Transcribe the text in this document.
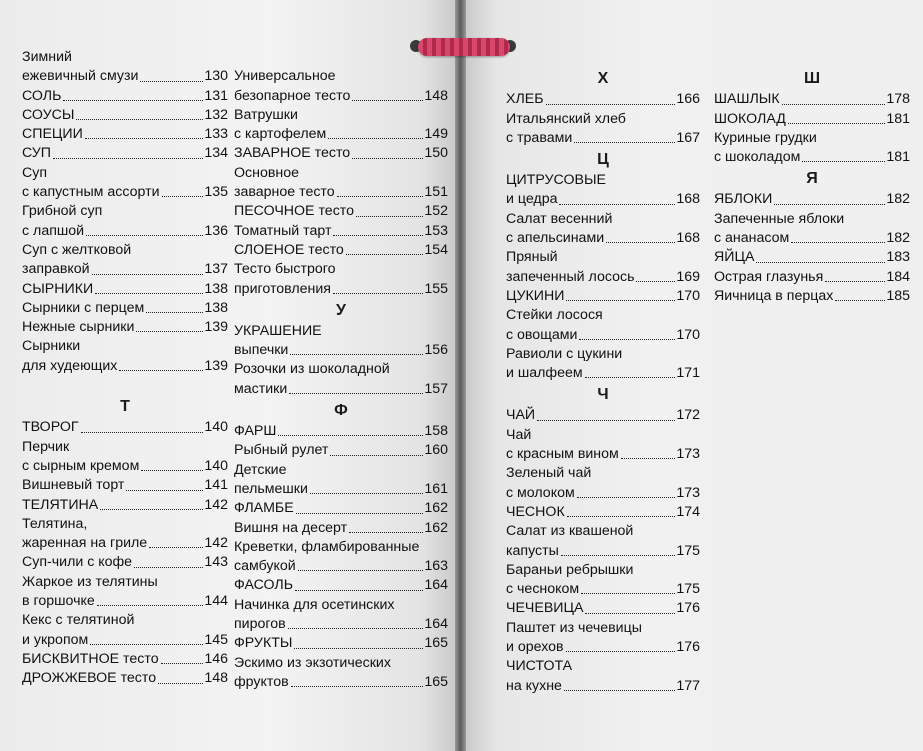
Зимний
ежевичный смузи	130
СОЛЬ	131
СОУСЫ	132
СПЕЦИИ	133
СУП	134
Суп
с капустным ассорти	135
Грибной суп
с лапшой	136
Суп с желтковой
заправкой	137
СЫРНИКИ	138
Сырники с перцем	138
Нежные сырники	139
Сырники
для худеющих	139
Т
ТВОРОГ	140
Перчик
с сырным кремом	140
Вишневый торт	141
ТЕЛЯТИНА	142
Телятина,
жаренная на гриле	142
Суп-чили с кофе	143
Жаркое из телятины
в горшочке	144
Кекс с телятиной
и укропом	145
БИСКВИТНОЕ тесто	146
ДРОЖЖЕВОЕ тесто	148
Универсальное
безопарное тесто	148
Ватрушки
с картофелем	149
ЗАВАРНОЕ тесто	150
Основное
заварное тесто	151
ПЕСОЧНОЕ тесто	152
Томатный тарт	153
СЛОЕНОЕ тесто	154
Тесто быстрого
приготовления	155
У
УКРАШЕНИЕ
выпечки	156
Розочки из шоколадной
мастики	157
Ф
ФАРШ	158
Рыбный рулет	160
Детские
пельмешки	161
ФЛАМБЕ	162
Вишня на десерт	162
Креветки, фламбированные
самбукой	163
ФАСОЛЬ	164
Начинка для осетинских
пирогов	164
ФРУКТЫ	165
Эскимо из экзотических
фруктов	165
Х
ХЛЕБ	166
Итальянский хлеб
с травами	167
Ц
ЦИТРУСОВЫЕ
и цедра	168
Салат весенний
с апельсинами	168
Пряный
запеченный лосось	169
ЦУКИНИ	170
Стейки лосося
с овощами	170
Равиоли с цукини
и шалфеем	171
Ч
ЧАЙ	172
Чай
с красным вином	173
Зеленый чай
с молоком	173
ЧЕСНОК	174
Салат из квашеной
капусты	175
Бараньи ребрышки
с чесноком	175
ЧЕЧЕВИЦА	176
Паштет из чечевицы
и орехов	176
ЧИСТОТА
на кухне	177
Ш
ШАШЛЫК	178
ШОКОЛАД	181
Куриные грудки
с шоколадом	181
Я
ЯБЛОКИ	182
Запеченные яблоки
с ананасом	182
ЯЙЦА	183
Острая глазунья	184
Яичница в перцах	185
